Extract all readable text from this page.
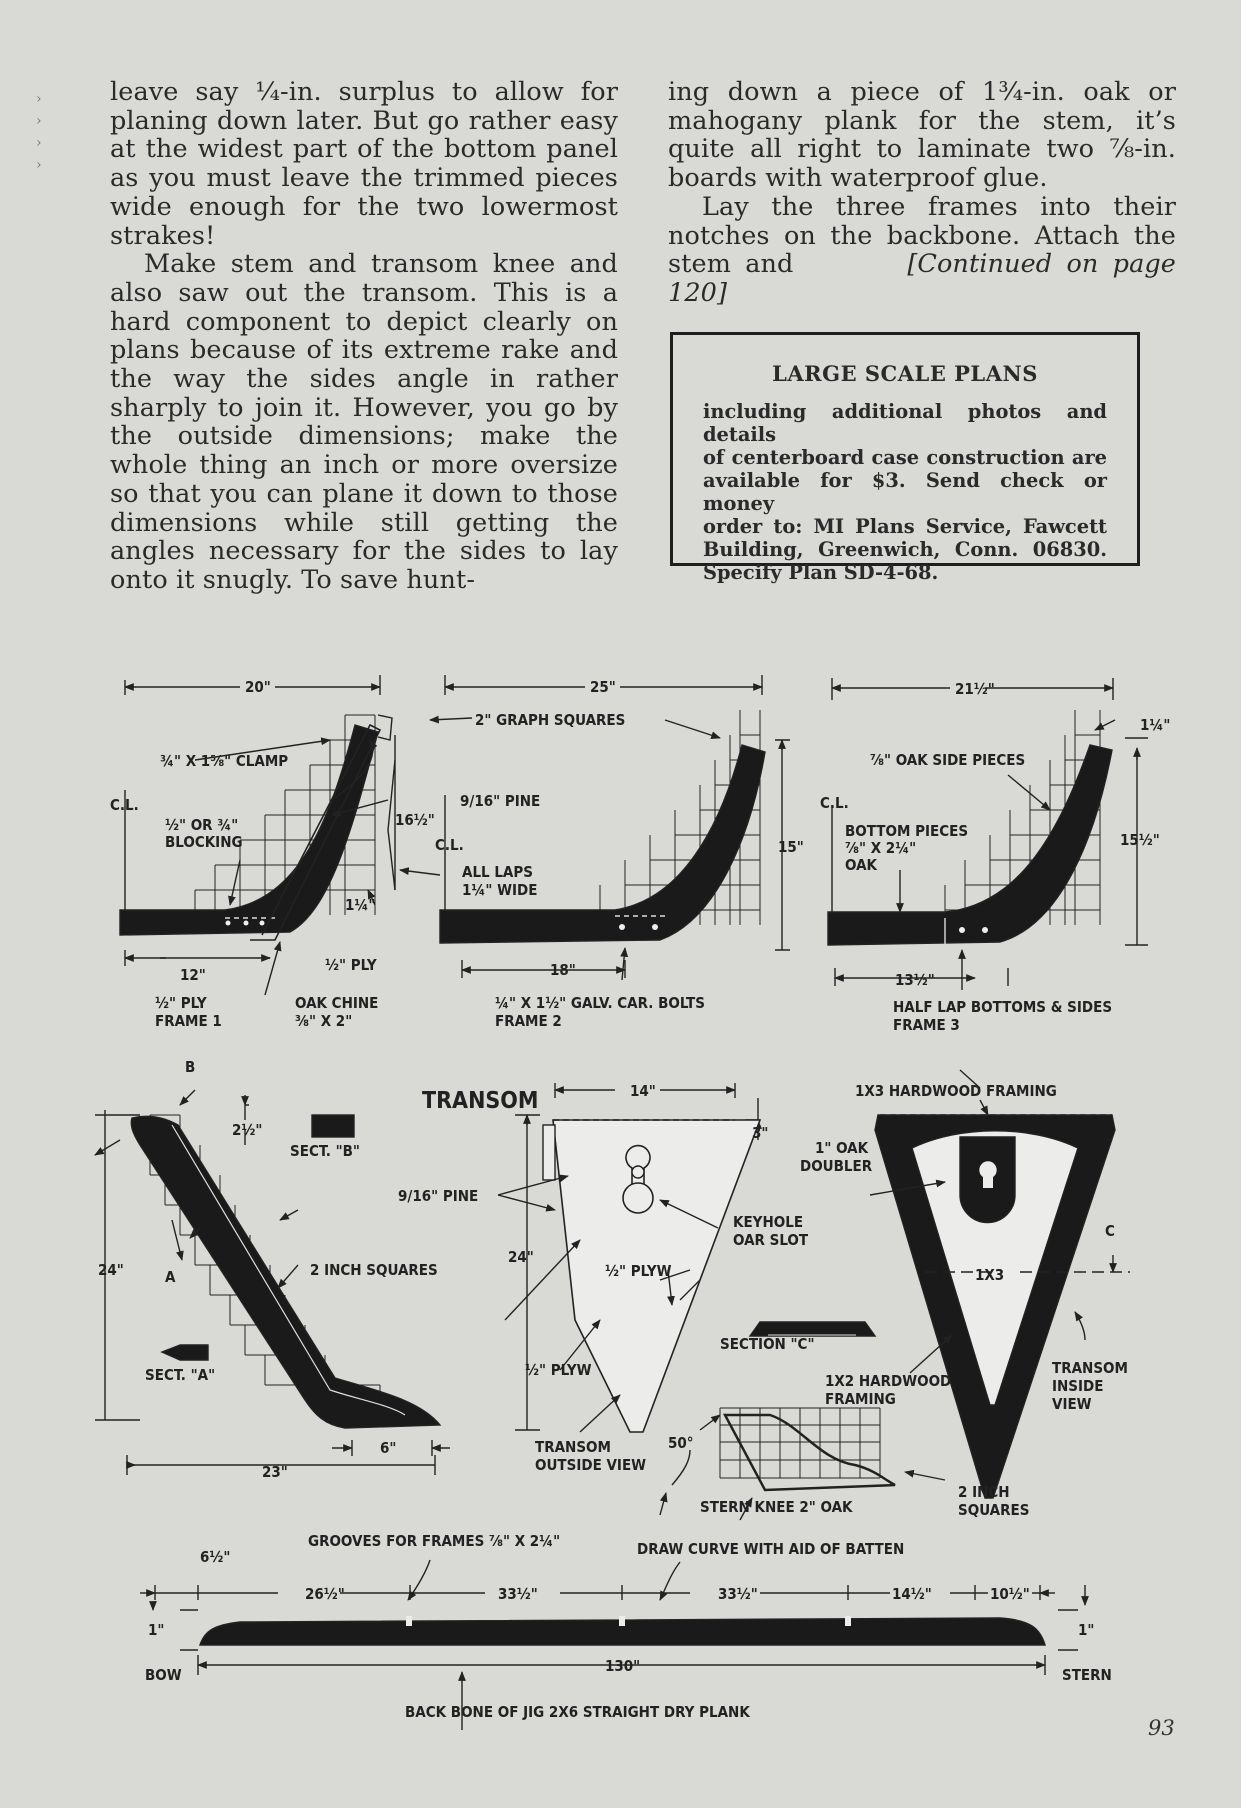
›
›
›
›

leave say ¼-in. surplus to allow for planing down later. But go rather easy at the widest part of the bottom panel as you must leave the trimmed pieces wide enough for the two lowermost strakes!

Make stem and transom knee and also saw out the transom. This is a hard component to depict clearly on plans because of its extreme rake and the way the sides angle in rather sharply to join it. However, you go by the outside dimensions; make the whole thing an inch or more oversize so that you can plane it down to those dimensions while still getting the angles necessary for the sides to lay onto it snugly. To save hunt-

ing down a piece of 1¾-in. oak or mahogany plank for the stem, it’s quite all right to laminate two ⅞-in. boards with waterproof glue.

Lay the three frames into their notches on the backbone. Attach the stem and	[Continued on page 120]

LARGE SCALE PLANS
including additional photos and details
of centerboard case construction are
available for $3. Send check or money
order to: MI Plans Service, Fawcett
Building, Greenwich, Conn. 06830.
Specify Plan SD-4-68.
20"
¾" X 1⅝" CLAMP
C.L.
½" OR ¾" BLOCKING
16½"
1¼"
½" PLY
12"
½" PLY
FRAME 1
OAK CHINE
⅜" X 2"
25"
2" GRAPH SQUARES
9/16" PINE
C.L.
ALL LAPS
1¼" WIDE
15"
18"
¼" X 1½" GALV. CAR. BOLTS
FRAME 2
21½"
1¼"
⅞" OAK SIDE PIECES
C.L.
BOTTOM PIECES
⅞" X 2¼"
OAK
15½"
13½"
HALF LAP BOTTOMS & SIDES
FRAME 3
B
2½"
SECT. "B"
24"	2 INCH SQUARES
A
SECT. "A"
6"
23"
TRANSOM	14"
3"
9/16" PINE
24"
½" PLYW
½" PLYW
KEYHOLE
OAR SLOT
SECTION "C"
TRANSOM
OUTSIDE VIEW
50°
STERN KNEE 2" OAK
1X3 HARDWOOD FRAMING
1" OAK
DOUBLER
C
1X3
1X2 HARDWOOD
FRAMING
TRANSOM
INSIDE
VIEW
2 INCH
SQUARES
GROOVES FOR FRAMES ⅞" X 2¼"	DRAW CURVE WITH AID OF BATTEN
6½"
26½"	33½"	33½"	14½"	10½"
1"	1"
BOW	STERN
130"
BACK BONE OF JIG 2X6 STRAIGHT DRY PLANK
93
